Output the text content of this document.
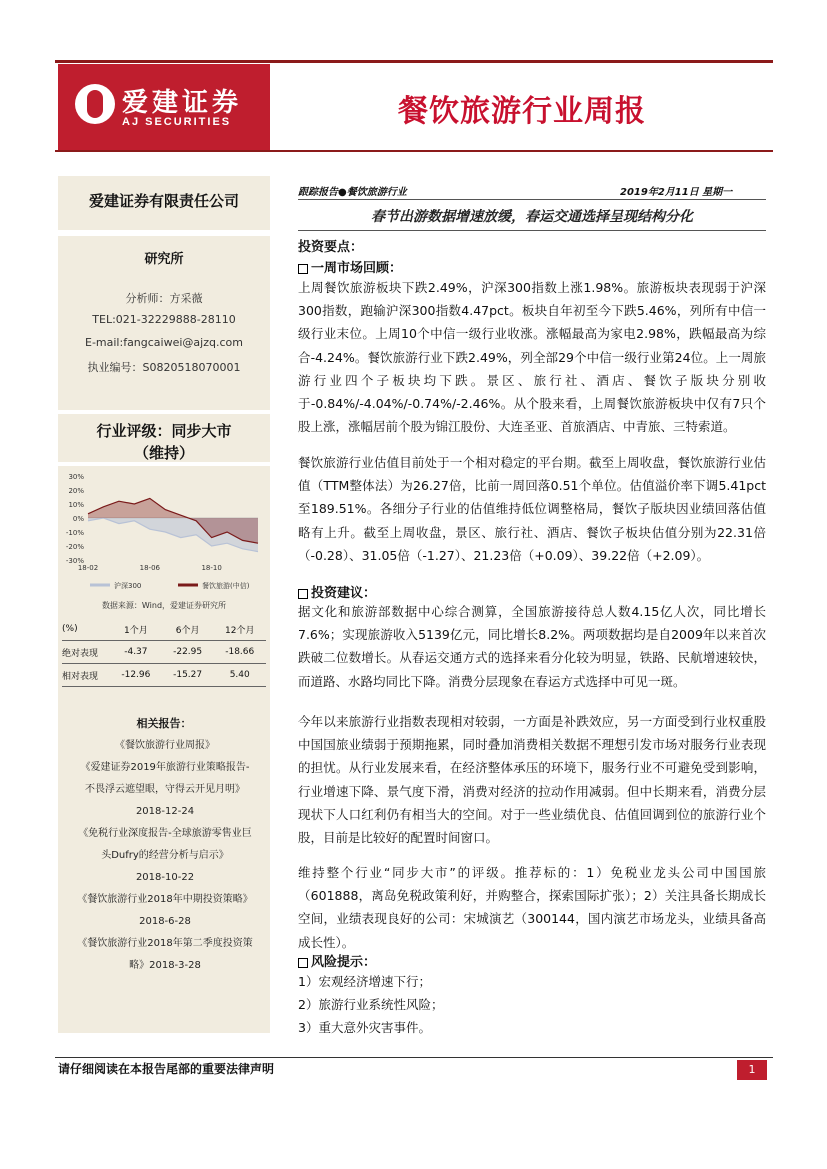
爱建证券
AJ SECURITIES	餐饮旅游行业周报
爱建证券有限责任公司
研究所
分析师：方采薇
TEL:021-32229888-28110
E-mail:fangcaiwei@ajzq.com
执业编号：S0820518070001
行业评级：同步大市
（维持）
30%
20%
10%
0%
-10%
-20%
-30%
18-02	18-06	18-10
沪深300	餐饮旅游(中信)
数据来源：Wind，爱建证券研究所
(%)	1个月	6个月	12个月
绝对表现	-4.37	-22.95	-18.66
相对表现	-12.96	-15.27	5.40
相关报告：
《餐饮旅游行业周报》
《爱建证券2019年旅游行业策略报告-
不畏浮云遮望眼，守得云开见月明》
2018-12-24
《免税行业深度报告-全球旅游零售业巨
头Dufry的经营分析与启示》
2018-10-22
《餐饮旅游行业2018年中期投资策略》
2018-6-28
《餐饮旅游行业2018年第二季度投资策
略》2018-3-28
跟踪报告●餐饮旅游行业	2019年2月11日 星期一
春节出游数据增速放缓，春运交通选择呈现结构分化
投资要点：
一周市场回顾：
上周餐饮旅游板块下跌2.49%，沪深300指数上涨1.98%。旅游板块表现弱于沪深300指数，跑输沪深300指数4.47pct。板块自年初至今下跌5.46%，列所有中信一级行业末位。上周10个中信一级行业收涨。涨幅最高为家电2.98%，跌幅最高为综合-4.24%。餐饮旅游行业下跌2.49%，列全部29个中信一级行业第24位。上一周旅游行业四个子板块均下跌。景区、旅行社、酒店、餐饮子版块分别收于-0.84%/-4.04%/-0.74%/-2.46%。从个股来看，上周餐饮旅游板块中仅有7只个股上涨，涨幅居前个股为锦江股份、大连圣亚、首旅酒店、中青旅、三特索道。
餐饮旅游行业估值目前处于一个相对稳定的平台期。截至上周收盘，餐饮旅游行业估值（TTM整体法）为26.27倍，比前一周回落0.51个单位。估值溢价率下调5.41pct至189.51%。各细分子行业的估值维持低位调整格局，餐饮子版块因业绩回落估值略有上升。截至上周收盘，景区、旅行社、酒店、餐饮子板块估值分别为22.31倍（-0.28）、31.05倍（-1.27）、21.23倍（+0.09）、39.22倍（+2.09）。
投资建议：
据文化和旅游部数据中心综合测算，全国旅游接待总人数4.15亿人次，同比增长7.6%；实现旅游收入5139亿元，同比增长8.2%。两项数据均是自2009年以来首次跌破二位数增长。从春运交通方式的选择来看分化较为明显，铁路、民航增速较快，而道路、水路均同比下降。消费分层现象在春运方式选择中可见一斑。
今年以来旅游行业指数表现相对较弱，一方面是补跌效应，另一方面受到行业权重股中国国旅业绩弱于预期拖累，同时叠加消费相关数据不理想引发市场对服务行业表现的担忧。从行业发展来看，在经济整体承压的环境下，服务行业不可避免受到影响，行业增速下降、景气度下滑，消费对经济的拉动作用减弱。但中长期来看，消费分层现状下人口红利仍有相当大的空间。对于一些业绩优良、估值回调到位的旅游行业个股，目前是比较好的配置时间窗口。
维持整个行业“同步大市”的评级。推荐标的：1）免税业龙头公司中国国旅（601888，离岛免税政策利好，并购整合，探索国际扩张）；2）关注具备长期成长空间，业绩表现良好的公司：宋城演艺（300144，国内演艺市场龙头，业绩具备高成长性）。
风险提示：
1）宏观经济增速下行；
2）旅游行业系统性风险；
3）重大意外灾害事件。
请仔细阅读在本报告尾部的重要法律声明	1
